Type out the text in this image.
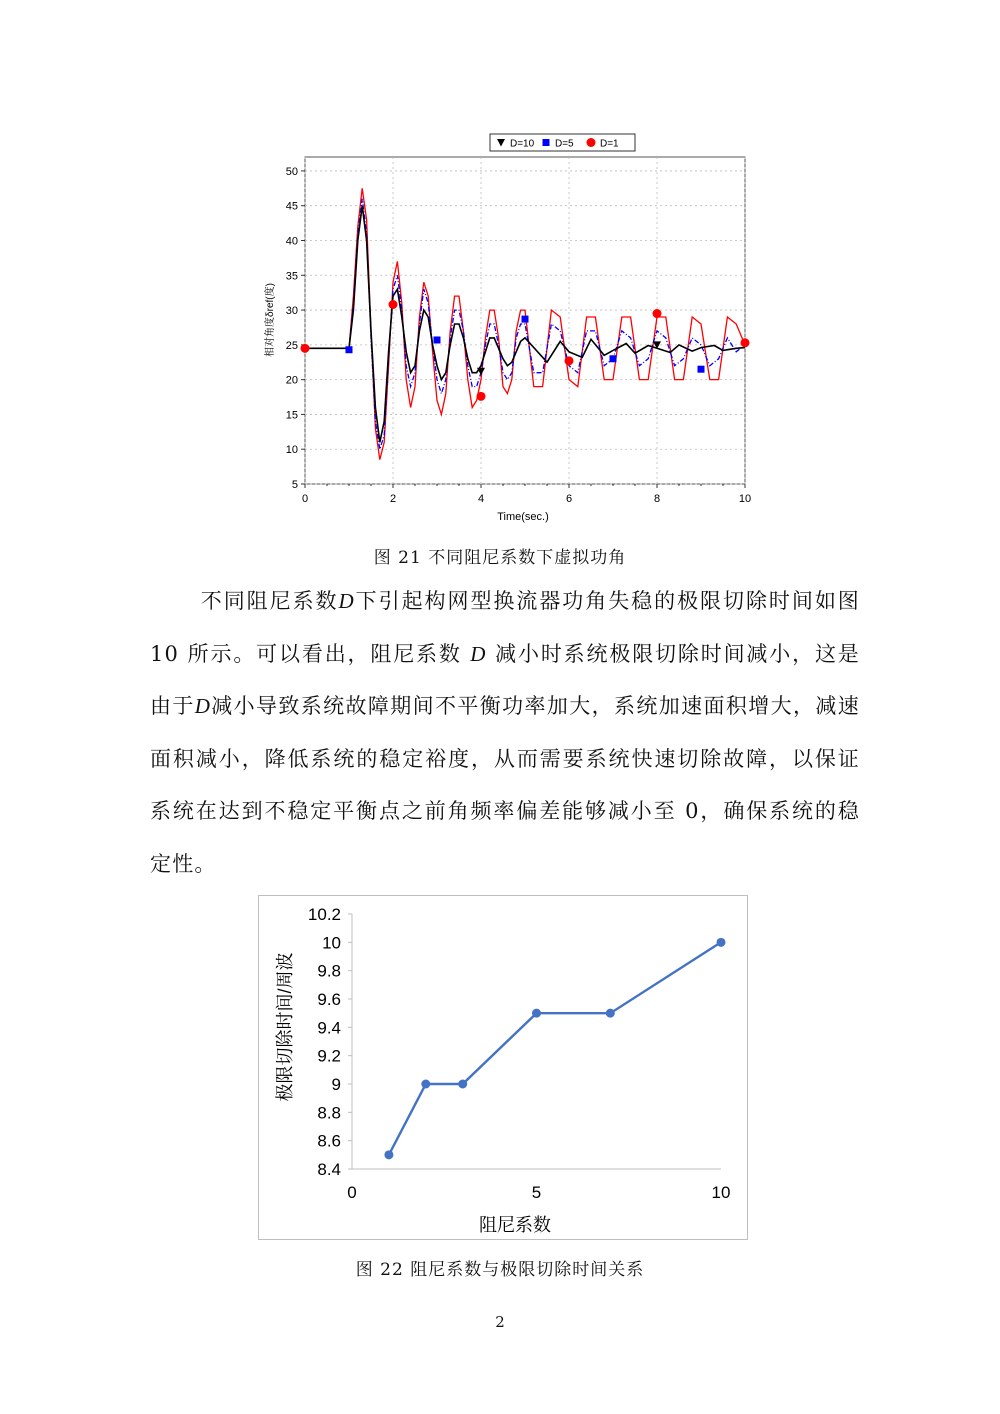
D=10 D=5	D=1
0	2	4	6	8	10
5
10
15
20
25
30
35
40
45
50
Time(sec.)
相对角度δref(度)
图 21 不同阻尼系数下虚拟功角
不同阻尼系数D下引起构网型换流器功角失稳的极限切除时间如图 10 所示。可以看出，阻尼系数 D 减小时系统极限切除时间减小，这是由于D减小导致系统故障期间不平衡功率加大，系统加速面积增大，减速面积减小，降低系统的稳定裕度，从而需要系统快速切除故障，以保证系统在达到不稳定平衡点之前角频率偏差能够减小至 0，确保系统的稳定性。
0	5	10
8.4
8.6
8.8
9
9.2
9.4
9.6
9.8
10
10.2
阻尼系数
极限切除时间/周波
图 22 阻尼系数与极限切除时间关系
2
